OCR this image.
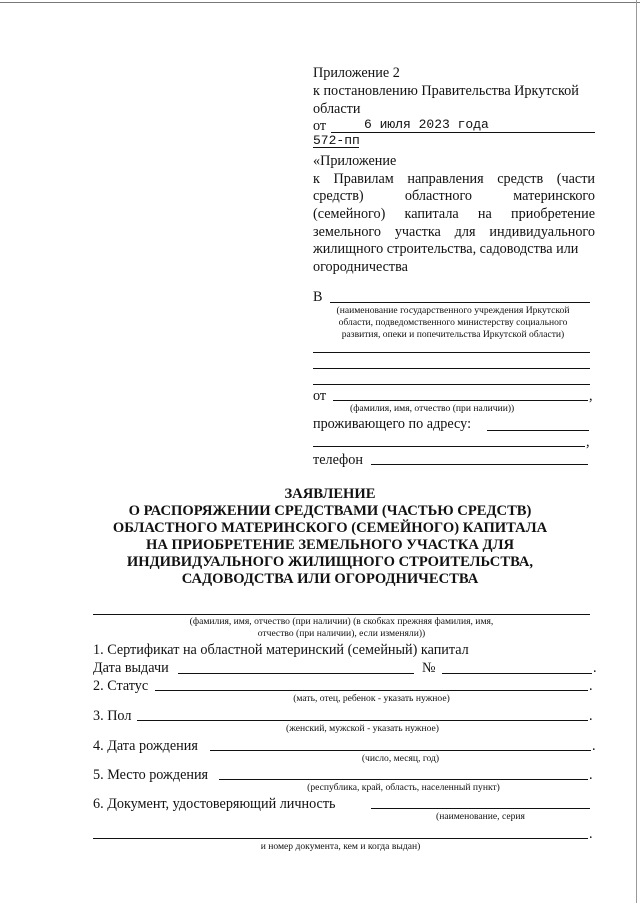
Приложение 2
к постановлению Правительства Иркутской
области
от	6 июля 2023 года
572-пп
«Приложение
к Правилам направления средств (части
средств) областного материнского
(семейного) капитала на приобретение
земельного участка для индивидуального
жилищного строительства, садоводства или
огородничества
В
(наименование государственного учреждения Иркутской
области, подведомственного министерству социального
развития, опеки и попечительства Иркутской области)
от	,
(фамилия, имя, отчество (при наличии))
проживающего по адресу:
,
телефон
ЗАЯВЛЕНИЕ
О РАСПОРЯЖЕНИИ СРЕДСТВАМИ (ЧАСТЬЮ СРЕДСТВ)
ОБЛАСТНОГО МАТЕРИНСКОГО (СЕМЕЙНОГО) КАПИТАЛА
НА ПРИОБРЕТЕНИЕ ЗЕМЕЛЬНОГО УЧАСТКА ДЛЯ
ИНДИВИДУАЛЬНОГО ЖИЛИЩНОГО СТРОИТЕЛЬСТВА,
САДОВОДСТВА ИЛИ ОГОРОДНИЧЕСТВА
(фамилия, имя, отчество (при наличии) (в скобках прежняя фамилия, имя,
отчество (при наличии), если изменяли))
1. Сертификат на областной материнский (семейный) капитал
Дата выдачи	№	.
2. Статус	.
(мать, отец, ребенок - указать нужное)
3. Пол	.
(женский, мужской - указать нужное)
4. Дата рождения	.
(число, месяц, год)
5. Место рождения	.
(республика, край, область, населенный пункт)
6. Документ, удостоверяющий личность
(наименование, серия
.
и номер документа, кем и когда выдан)
